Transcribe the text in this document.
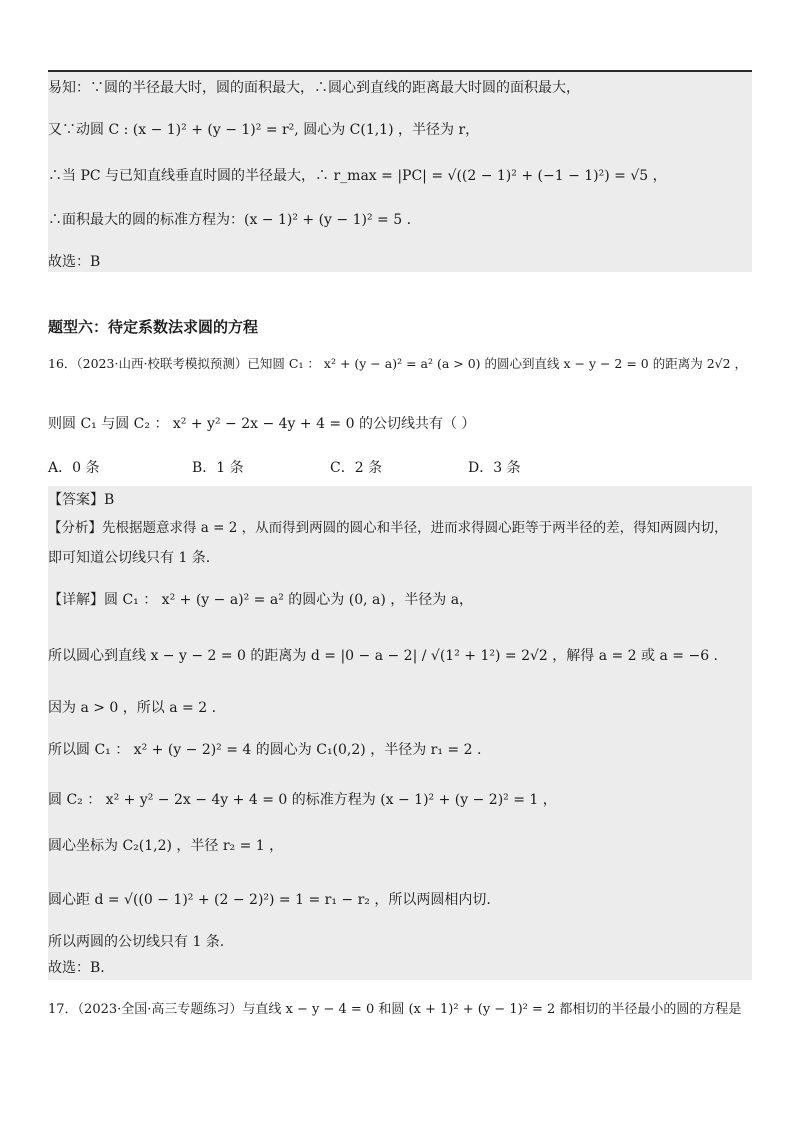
易知：∵圆的半径最大时，圆的面积最大，∴圆心到直线的距离最大时圆的面积最大，
又∵动圆 C : (x − 1)² + (y − 1)² = r², 圆心为 C(1,1) ，半径为 r，
∴当 PC 与已知直线垂直时圆的半径最大，∴ r_max = |PC| = √((2 − 1)² + (−1 − 1)²) = √5 ，
∴面积最大的圆的标准方程为：(x − 1)² + (y − 1)² = 5 .
故选：B
题型六：待定系数法求圆的方程
16．（2023·山西·校联考模拟预测）已知圆 C₁ ： x² + (y − a)² = a² (a > 0) 的圆心到直线 x − y − 2 = 0 的距离为 2√2 ，
则圆 C₁ 与圆 C₂ ： x² + y² − 2x − 4y + 4 = 0 的公切线共有（ ）
A．0 条	B．1 条	C．2 条	D．3 条
【答案】B
【分析】先根据题意求得 a = 2 ，从而得到两圆的圆心和半径，进而求得圆心距等于两半径的差，得知两圆内切，
即可知道公切线只有 1 条.
【详解】圆 C₁ ： x² + (y − a)² = a² 的圆心为 (0, a) ，半径为 a，
所以圆心到直线 x − y − 2 = 0 的距离为 d = |0 − a − 2| / √(1² + 1²) = 2√2 ，解得 a = 2 或 a = −6 .
因为 a > 0 ，所以 a = 2 .
所以圆 C₁ ： x² + (y − 2)² = 4 的圆心为 C₁(0,2) ，半径为 r₁ = 2 .
圆 C₂ ： x² + y² − 2x − 4y + 4 = 0 的标准方程为 (x − 1)² + (y − 2)² = 1 ，
圆心坐标为 C₂(1,2) ，半径 r₂ = 1 ，
圆心距 d = √((0 − 1)² + (2 − 2)²) = 1 = r₁ − r₂ ，所以两圆相内切.
所以两圆的公切线只有 1 条.
故选：B.
17．（2023·全国·高三专题练习）与直线 x − y − 4 = 0 和圆 (x + 1)² + (y − 1)² = 2 都相切的半径最小的圆的方程是
